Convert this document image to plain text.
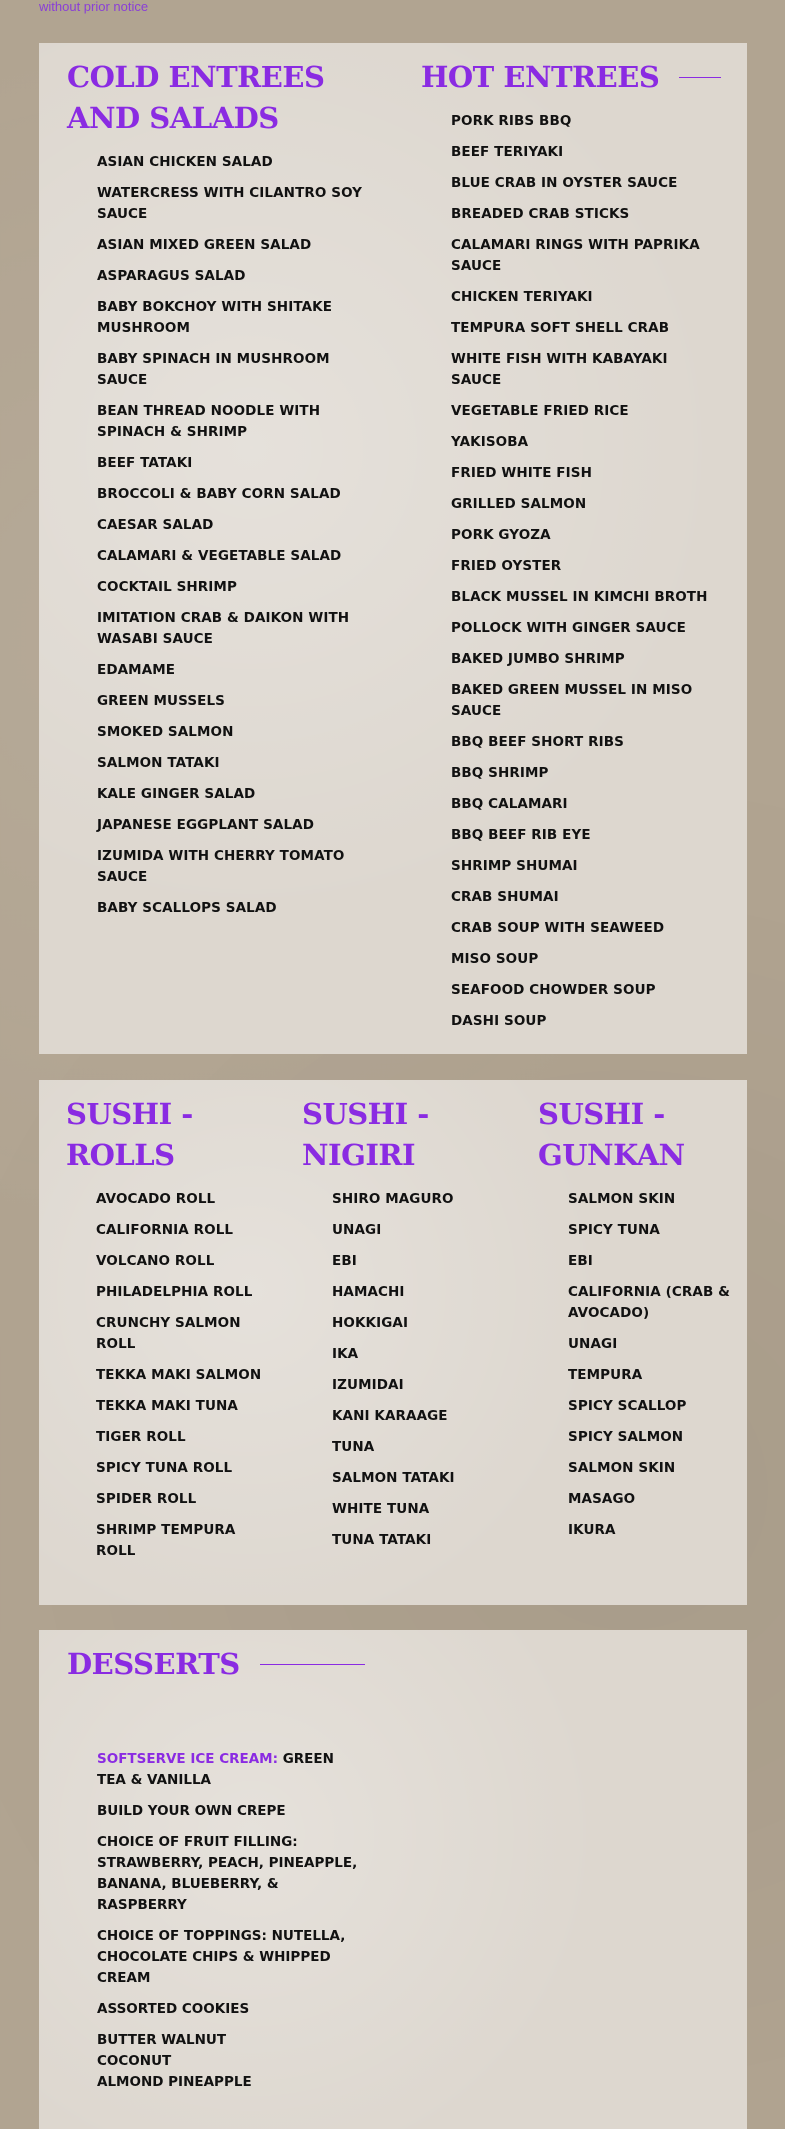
without prior notice
COLD ENTREES AND SALADS
ASIAN CHICKEN SALAD
WATERCRESS WITH CILANTRO SOY SAUCE
ASIAN MIXED GREEN SALAD
ASPARAGUS SALAD
BABY BOKCHOY WITH SHITAKE MUSHROOM
BABY SPINACH IN MUSHROOM SAUCE
BEAN THREAD NOODLE WITH SPINACH & SHRIMP
BEEF TATAKI
BROCCOLI & BABY CORN SALAD
CAESAR SALAD
CALAMARI & VEGETABLE SALAD
COCKTAIL SHRIMP
IMITATION CRAB & DAIKON WITH WASABI SAUCE
EDAMAME
GREEN MUSSELS
SMOKED SALMON
SALMON TATAKI
KALE GINGER SALAD
JAPANESE EGGPLANT SALAD
IZUMIDA WITH CHERRY TOMATO SAUCE
BABY SCALLOPS SALAD
HOT ENTREES
PORK RIBS BBQ
BEEF TERIYAKI
BLUE CRAB IN OYSTER SAUCE
BREADED CRAB STICKS
CALAMARI RINGS WITH PAPRIKA SAUCE
CHICKEN TERIYAKI
TEMPURA SOFT SHELL CRAB
WHITE FISH WITH KABAYAKI SAUCE
VEGETABLE FRIED RICE
YAKISOBA
FRIED WHITE FISH
GRILLED SALMON
PORK GYOZA
FRIED OYSTER
BLACK MUSSEL IN KIMCHI BROTH
POLLOCK WITH GINGER SAUCE
BAKED JUMBO SHRIMP
BAKED GREEN MUSSEL IN MISO SAUCE
BBQ BEEF SHORT RIBS
BBQ SHRIMP
BBQ CALAMARI
BBQ BEEF RIB EYE
SHRIMP SHUMAI
CRAB SHUMAI
CRAB SOUP WITH SEAWEED
MISO SOUP
SEAFOOD CHOWDER SOUP
DASHI SOUP
SUSHI - ROLLS
AVOCADO ROLL
CALIFORNIA ROLL
VOLCANO ROLL
PHILADELPHIA ROLL
CRUNCHY SALMON ROLL
TEKKA MAKI SALMON
TEKKA MAKI TUNA
TIGER ROLL
SPICY TUNA ROLL
SPIDER ROLL
SHRIMP TEMPURA ROLL
SUSHI - NIGIRI
SHIRO MAGURO
UNAGI
EBI
HAMACHI
HOKKIGAI
IKA
IZUMIDAI
KANI KARAAGE
TUNA
SALMON TATAKI
WHITE TUNA
TUNA TATAKI
SUSHI - GUNKAN
SALMON SKIN
SPICY TUNA
EBI
CALIFORNIA (CRAB & AVOCADO)
UNAGI
TEMPURA
SPICY SCALLOP
SPICY SALMON
SALMON SKIN
MASAGO
IKURA
DESSERTS

SOFTSERVE ICE CREAM: GREEN TEA & VANILLA

BUILD YOUR OWN CREPE

CHOICE OF FRUIT FILLING: STRAWBERRY, PEACH, PINEAPPLE, BANANA, BLUEBERRY, & RASPBERRY

CHOICE OF TOPPINGS: NUTELLA, CHOCOLATE CHIPS & WHIPPED CREAM

ASSORTED COOKIES

BUTTER WALNUT
COCONUT
ALMOND PINEAPPLE
